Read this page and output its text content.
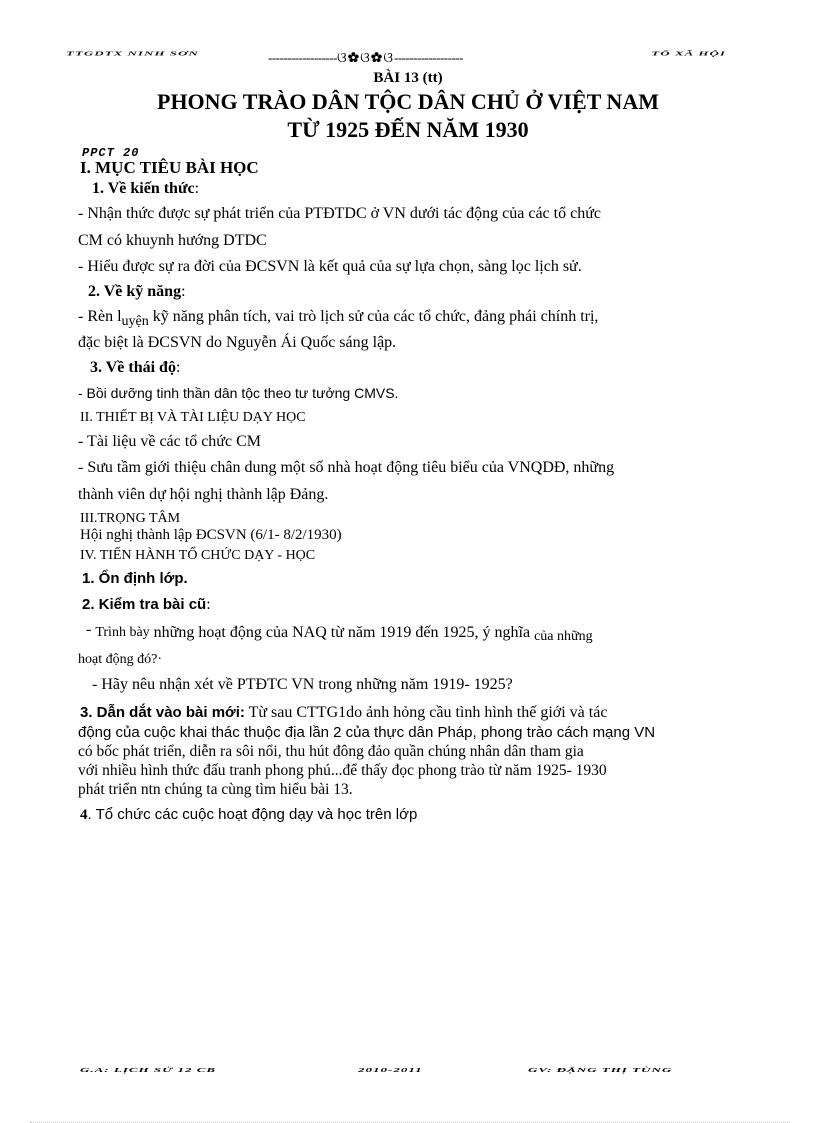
TTGDTX NINH SƠN	------------------ଓ✿ଓ✿ଓ------------------	TỔ XÃ HỘI
BÀI 13 (tt)
PHONG TRÀO DÂN TỘC DÂN CHỦ Ở VIỆT NAM
TỪ 1925 ĐẾN NĂM 1930
PPCT 20
I. MỤC TIÊU BÀI HỌC
1. Về kiến thức:
- Nhận thức được sự phát triển của PTĐTDC ở VN dưới tác động của các tổ chức
CM có khuynh hướng DTDC
- Hiểu được sự ra đời của ĐCSVN là kết quả của sự lựa chọn, sàng lọc lịch sử.
2. Về kỹ năng:
- Rèn $l_{uyện}$ kỹ năng phân tích, vai trò lịch sử của các tổ chức, đảng phái chính trị,
đặc biệt là ĐCSVN do Nguyễn Ái Quốc sáng lập.
3. Về thái độ:
- Bồi dưỡng tinh thần dân tộc theo tư tưởng CMVS.
II. THIẾT BỊ VÀ TÀI LIỆU DẠY HỌC
- Tài liệu về các tổ chức CM
- Sưu tầm giới thiệu chân dung một số nhà hoạt động tiêu biểu của VNQDĐ, những
thành viên dự hội nghị thành lập Đảng.
III.TRỌNG TÂM
Hội nghị thành lập ĐCSVN (6/1- 8/2/1930)
IV. TIẾN HÀNH TỔ CHỨC DẠY - HỌC
1. Ổn định lớp.
2. Kiểm tra bài cũ:
- Trình bày những hoạt động của NAQ từ năm 1919 đến 1925, ý nghĩa của những
hoạt động đó?·
- Hãy nêu nhận xét về PTĐTC VN trong những năm 1919- 1925?
3. Dẫn dắt vào bài mới: Từ sau CTTG1do ảnh hỏng cầu tình hình thế giới và tác
động của cuộc khai thác thuộc địa lần 2 của thực dân Pháp, phong trào cách mạng VN
có bốc phát triển, diễn ra sôi nổi, thu hút đông đảo quần chúng nhân dân tham gia
với nhiều hình thức đấu tranh phong phú...để thấy đọc phong trào từ năm 1925- 1930
phát triển ntn chúng ta cùng tìm hiểu bài 13.
4. Tổ chức các cuộc hoạt động dạy và học trên lớp
G.A: LỊCH SỬ 12 CB	2010-2011	GV: ĐẶNG THỊ TÙNG
